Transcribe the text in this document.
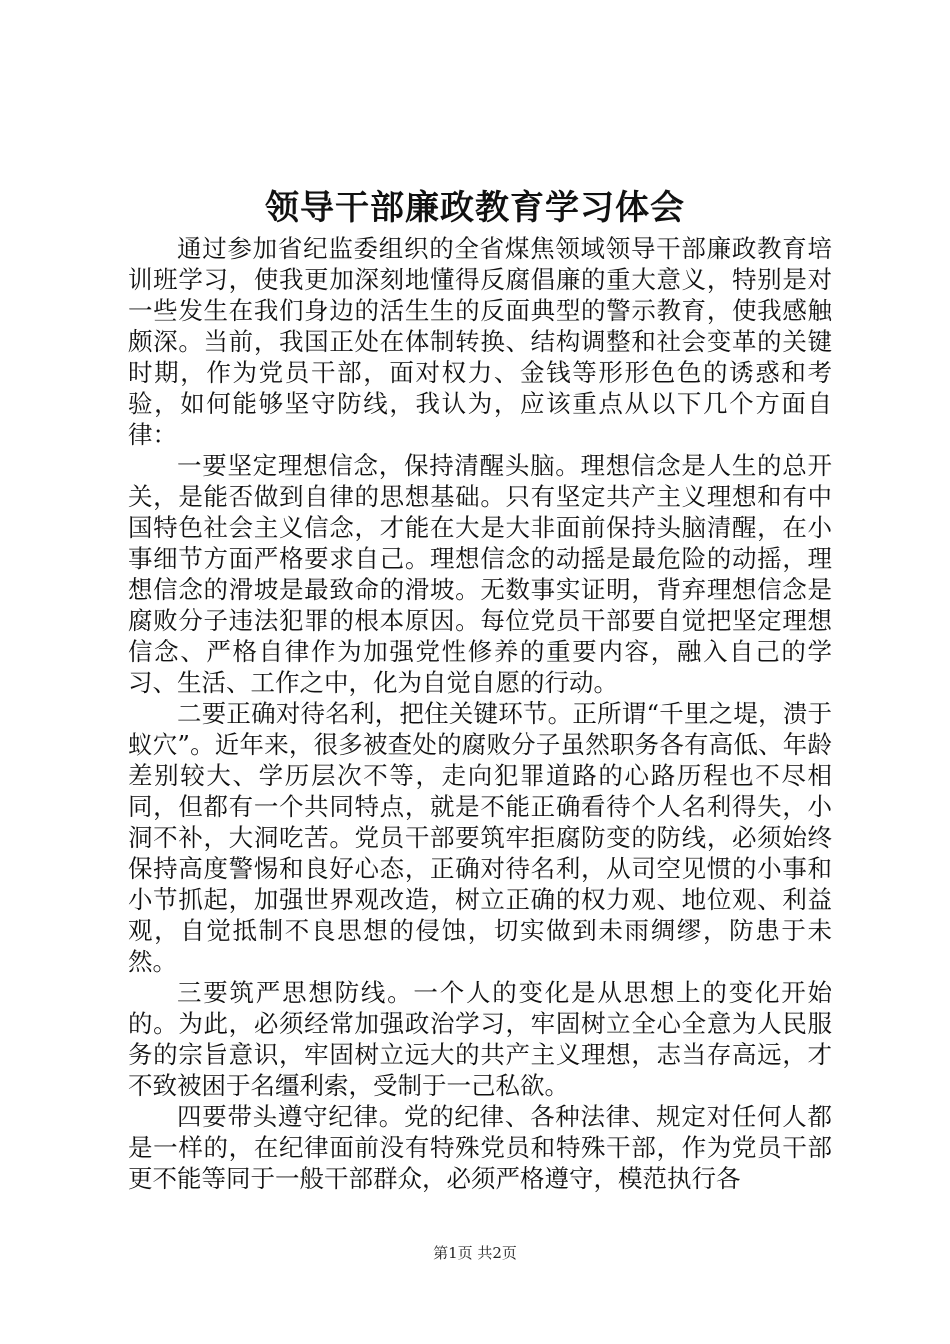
领导干部廉政教育学习体会

通过参加省纪监委组织的全省煤焦领域领导干部廉政教育培训班学习，使我更加深刻地懂得反腐倡廉的重大意义，特别是对一些发生在我们身边的活生生的反面典型的警示教育，使我感触颇深。当前，我国正处在体制转换、结构调整和社会变革的关键时期，作为党员干部，面对权力、金钱等形形色色的诱惑和考验，如何能够坚守防线，我认为，应该重点从以下几个方面自律：

一要坚定理想信念，保持清醒头脑。理想信念是人生的总开关，是能否做到自律的思想基础。只有坚定共产主义理想和有中国特色社会主义信念，才能在大是大非面前保持头脑清醒，在小事细节方面严格要求自己。理想信念的动摇是最危险的动摇，理想信念的滑坡是最致命的滑坡。无数事实证明，背弃理想信念是腐败分子违法犯罪的根本原因。每位党员干部要自觉把坚定理想信念、严格自律作为加强党性修养的重要内容，融入自己的学习、生活、工作之中，化为自觉自愿的行动。

二要正确对待名利，把住关键环节。正所谓“千里之堤，溃于蚁穴”。近年来，很多被查处的腐败分子虽然职务各有高低、年龄差别较大、学历层次不等，走向犯罪道路的心路历程也不尽相同，但都有一个共同特点，就是不能正确看待个人名利得失，小洞不补，大洞吃苦。党员干部要筑牢拒腐防变的防线，必须始终保持高度警惕和良好心态，正确对待名利，从司空见惯的小事和小节抓起，加强世界观改造，树立正确的权力观、地位观、利益观，自觉抵制不良思想的侵蚀，切实做到未雨绸缪，防患于未然。

三要筑严思想防线。一个人的变化是从思想上的变化开始的。为此，必须经常加强政治学习，牢固树立全心全意为人民服务的宗旨意识，牢固树立远大的共产主义理想，志当存高远，才不致被困于名缰利索，受制于一己私欲。

四要带头遵守纪律。党的纪律、各种法律、规定对任何人都是一样的，在纪律面前没有特殊党员和特殊干部，作为党员干部更不能等同于一般干部群众，必须严格遵守，模范执行各

第1页 共2页
